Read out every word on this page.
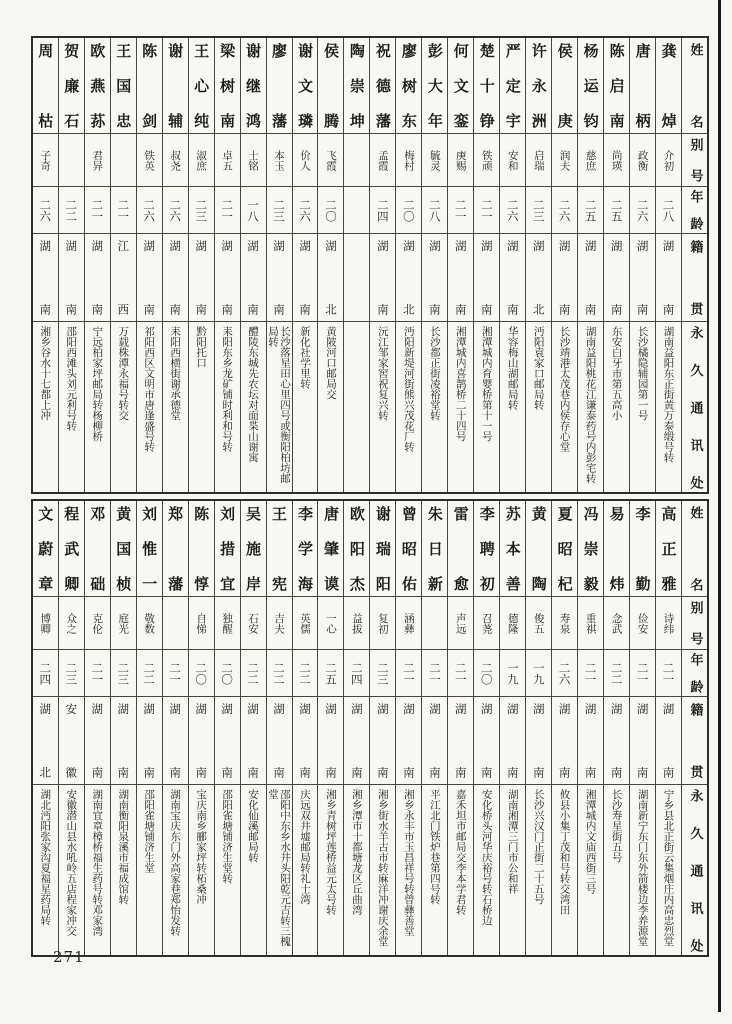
姓名
别号
年龄
籍贯
永久通讯处
龚焯
介初
二八
湖南
湖南益阳东正街黄万泰缎号转
唐柄
政衡
二六
湖南
长沙橘隐辅园第一号
陈启南
尚瑛
二五
湖南
东安白牙市第五高小
杨运钧
慈庶
二五
湖南
湖南益阳桃花江谦泰药号内彭宅转
侯庚
润夫
二六
湖南
长沙靖港太茂巷内侯存心堂
许永洲
启瑞
二三
湖北
沔阳袁家口邮局转
严定宇
安和
二六
湖南
华容梅山湖邮局转
楚十铮
铁顽
二一
湖南
湘潭城内育婴桥第十一号
何文銮
庚赐
二一
湖南
湘潭城内喜鹊桥二十四号
彭大年
毓灵
二八
湖南
长沙都正街凌裕堂转
廖树东
梅村
二〇
湖北
沔阳新堤河街熊兴茂花厂转
祝德藩
孟霞
二四
湖南
沅江邹家窖祝复兴转
陶崇坤
侯腾
飞霞
二〇
湖北
黄陂河口邮局交
谢文璘
价人
二六
湖南
新化社学里转
廖藩
本玉
二三
湖南
长沙落星田心里四号或衡阳柏坊邮局转
谢继鸿
士铭
一八
湖南
醴陵东城先农坛对面枼山谢寓
梁树南
卓五
二一
湖南
耒阳东乡龙矿铺时利和号转
王心纯
淑庶
二三
湖南
黔阳托口
谢辅
叔尧
二六
湖南
耒阳西横街谢承德堂
陈剑
铁英
二六
湖南
祁阳西区文明市唐逢盛号转
王国忠
二一
江西
万载株潭永福号转交
欧燕荪
君异
二一
湖南
宁远柏家坪邮局转杨柳桥
贺廉石
二二
湖南
邵阳西滩头刘元利号转
周枯
子奇
二六
湖南
湘乡谷水十七都上冲
姓名
别号
年龄
籍贯
永久通讯处
高正雅
诗纬
二一
湖南
宁乡县北正街云集烟庄内高忠烈堂
李勤
俭安
二一
湖南
湖南新宁东门东外箭楼边李养源堂
易炜
念武
二二
湖南
长沙寿星街五号
冯崇毅
重祺
二一
湖南
湘潭城内文庙西街三号
夏昭杞
寿泉
二六
湖南
攸县小集丁茂和号转交湾田
黄陶
俊五
一九
湖南
长沙兴汉门正街二十五号
苏本善
德隆
一九
湖南
湖南湘潭三门市公和祥
李聘初
召荛
二〇
湖南
安化桥头河华庆裕号转石桥边
雷愈
声远
二一
湖南
嘉禾坦市邮局交李本学君转
朱日新
二一
湖南
平江北门铁炉巷第四号转
曾昭佑
涵彝
二一
湖南
湘乡永丰市玉昌祥号转曾彝善堂
谢瑞阳
复初
二三
湖南
湘乡街水羊古市转麻洋冲谢庆余堂
欧阳杰
益拔
二四
湖南
湘乡潭市十都塘龙区丘曲湾
唐肇谟
一心
二五
湖南
湘乡青树坪莲桥益元太号转
李学海
英儒
二二
湖南
庆远双井墟邮局转礼士湾
王宪
吉夫
二二
湖南
邵阳中东乡水井头阳乾元吉转三槐堂
吴施岸
石安
二二
湖南
安化仙溪邮局转
刘措宜
独醒
二〇
湖南
邵阳雀塘铺济生堂转
陈惇
自悌
二〇
湖南
宝庆南乡郦家坪转柘桑冲
郑藩
二一
湖南
湖南宝庆东门外高家巷郑怡发转
刘惟一
敬数
二二
湖南
邵阳雀塘铺济生堂
黄国桢
庭光
二三
湖南
湖南衡阳泉溪市福成馆转
邓础
克伦
二一
湖南
湖南宜章樟桥福生药号转邓家湾
程武卿
众之
二三
安徽
安徽潜山县水吼岭五店程家冲交
文蔚章
博卿
二四
湖北
湖北沔阳张家沟夏福星药局转
271
